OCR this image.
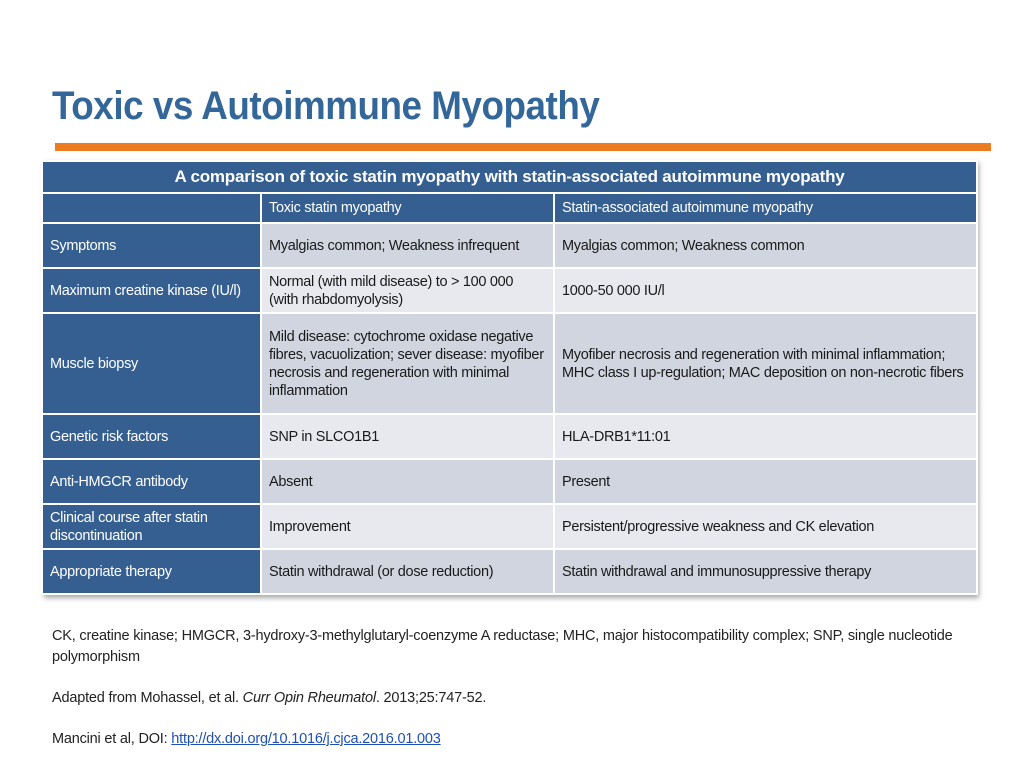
Toxic vs Autoimmune Myopathy
A comparison of toxic statin myopathy with statin-associated autoimmune myopathy		
	Toxic statin myopathy	Statin-associated autoimmune myopathy
Symptoms	Myalgias common; Weakness infrequent	Myalgias common; Weakness common
Maximum creatine kinase (IU/l)	Normal (with mild disease) to > 100 000 (with rhabdomyolysis)	1000-50 000 IU/l
Muscle biopsy	Mild disease: cytochrome oxidase negative fibres, vacuolization; sever disease: myofiber necrosis and regeneration with minimal inflammation	Myofiber necrosis and regeneration with minimal inflammation; MHC class I up-regulation; MAC deposition on non-necrotic fibers
Genetic risk factors	SNP in SLCO1B1	HLA-DRB1*11:01
Anti-HMGCR antibody	Absent	Present
Clinical course after statin discontinuation	Improvement	Persistent/progressive weakness and CK elevation
Appropriate therapy	Statin withdrawal (or dose reduction)	Statin withdrawal and immunosuppressive therapy
CK, creatine kinase; HMGCR, 3-hydroxy-3-methylglutaryl-coenzyme A reductase; MHC, major histocompatibility complex; SNP, single nucleotide polymorphism
Adapted from Mohassel, et al. Curr Opin Rheumatol. 2013;25:747-52.
Mancini et al, DOI: http://dx.doi.org/10.1016/j.cjca.2016.01.003
